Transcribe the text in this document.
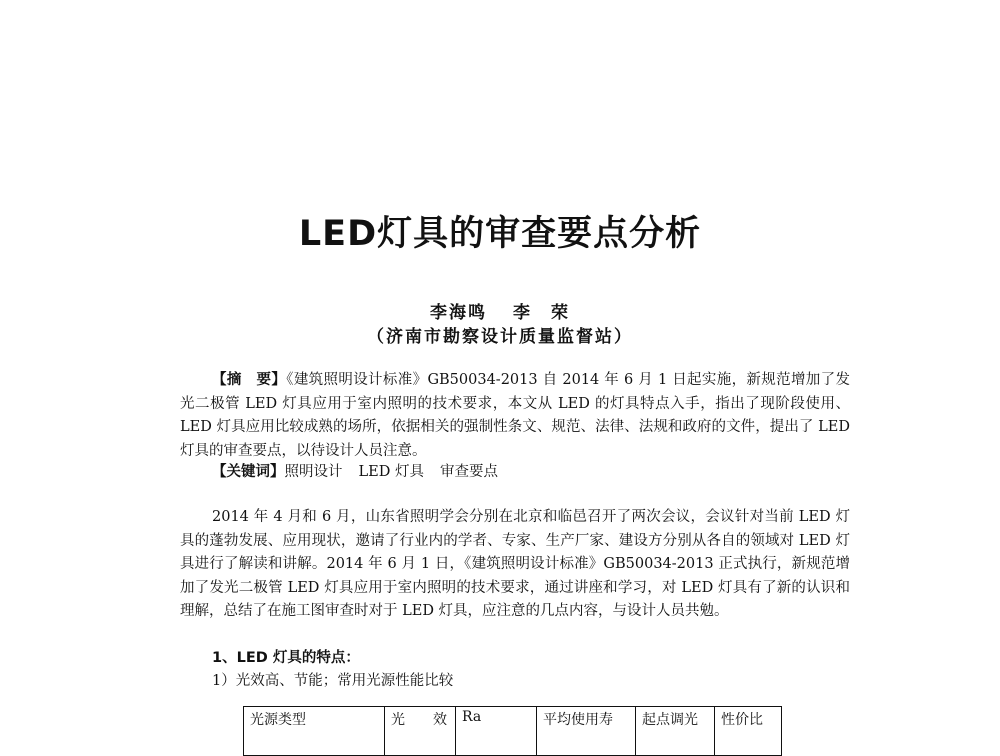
LED灯具的审查要点分析
李海鸣 李　荣
（济南市勘察设计质量监督站）

【摘　要】《建筑照明设计标准》GB50034-2013 自 2014 年 6 月 1 日起实施，新规范增加了发光二极管 LED 灯具应用于室内照明的技术要求，本文从 LED 的灯具特点入手，指出了现阶段使用、LED 灯具应用比较成熟的场所，依据相关的强制性条文、规范、法律、法规和政府的文件，提出了 LED 灯具的审查要点，以待设计人员注意。

【关键词】照明设计 LED 灯具 审查要点

2014 年 4 月和 6 月，山东省照明学会分别在北京和临邑召开了两次会议，会议针对当前 LED 灯具的蓬勃发展、应用现状，邀请了行业内的学者、专家、生产厂家、建设方分别从各自的领域对 LED 灯具进行了解读和讲解。2014 年 6 月 1 日，《建筑照明设计标准》GB50034-2013 正式执行，新规范增加了发光二极管 LED 灯具应用于室内照明的技术要求，通过讲座和学习，对 LED 灯具有了新的认识和理解，总结了在施工图审查时对于 LED 灯具，应注意的几点内容，与设计人员共勉。

1、LED 灯具的特点：
1）光效高、节能；常用光源性能比较
光源类型	光　　效	Ra	平均使用寿	起点调光	性价比
